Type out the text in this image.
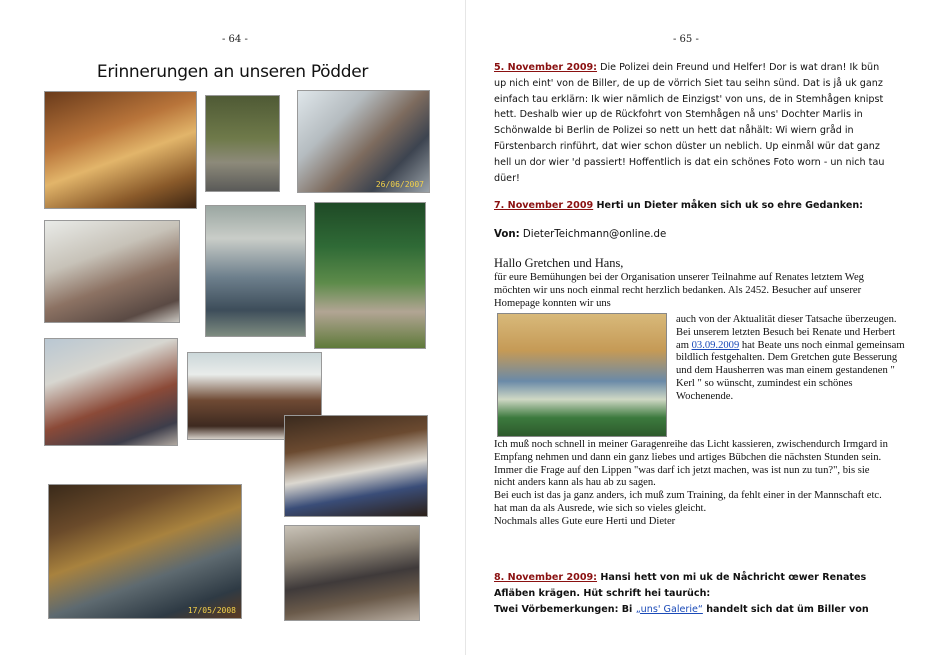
- 64 -
Erinnerungen an unseren Pödder
26/06/2007
17/05/2008
- 65 -
5. November 2009: Die Polizei dein Freund und Helfer! Dor is wat dran! Ik bün up nich eint' von de Biller, de up de vörrich Siet tau seihn sünd. Dat is jå uk ganz einfach tau erklärn: Ik wier nämlich de Einzigst' von uns, de in Stemhågen knipst hett. Deshalb wier up de Rückfohrt von Stemhågen nå uns' Dochter Marlis in Schönwalde bi Berlin de Polizei so nett un hett dat nåhält: Wi wiern gråd in Fürstenbarch rinführt, dat wier schon düster un neblich. Up einmål wür dat ganz hell un dor wier 'd passiert! Hoffentlich is dat ein schönes Foto worn - un nich tau düer!
7. November 2009 Herti un Dieter måken sich uk so ehre Gedanken:
Von: DieterTeichmann@online.de
Hallo Gretchen und Hans,
für eure Bemühungen bei der Organisation unserer Teilnahme auf Renates letztem Weg möchten wir uns noch einmal recht herzlich bedanken. Als 2452. Besucher auf unserer Homepage konnten wir uns
auch von der Aktualität dieser Tatsache überzeugen.
Bei unserem letzten Besuch bei Renate und Herbert am 03.09.2009 hat Beate uns noch einmal gemeinsam bildlich festgehalten. Dem Gretchen gute Besserung und dem Hausherren was man einem gestandenen " Kerl " so wünscht, zumindest ein schönes Wochenende.
Ich muß noch schnell in meiner Garagenreihe das Licht kassieren, zwischendurch Irmgard in Empfang nehmen und dann ein ganz liebes und artiges Bübchen die nächsten Stunden sein. Immer die Frage auf den Lippen "was darf ich jetzt machen, was ist nun zu tun?", bis sie nicht anders kann als hau ab zu sagen.
Bei euch ist das ja ganz anders, ich muß zum Training, da fehlt einer in der Mannschaft etc. hat man da als Ausrede, wie sich so vieles gleicht.
Nochmals alles Gute eure Herti und Dieter
8. November 2009: Hansi hett von mi uk de Nåchricht œwer Renates Afläben krägen. Hüt schrift hei taurüch:
Twei Vörbemerkungen: Bi „uns' Galerie“ handelt sich dat üm Biller von
